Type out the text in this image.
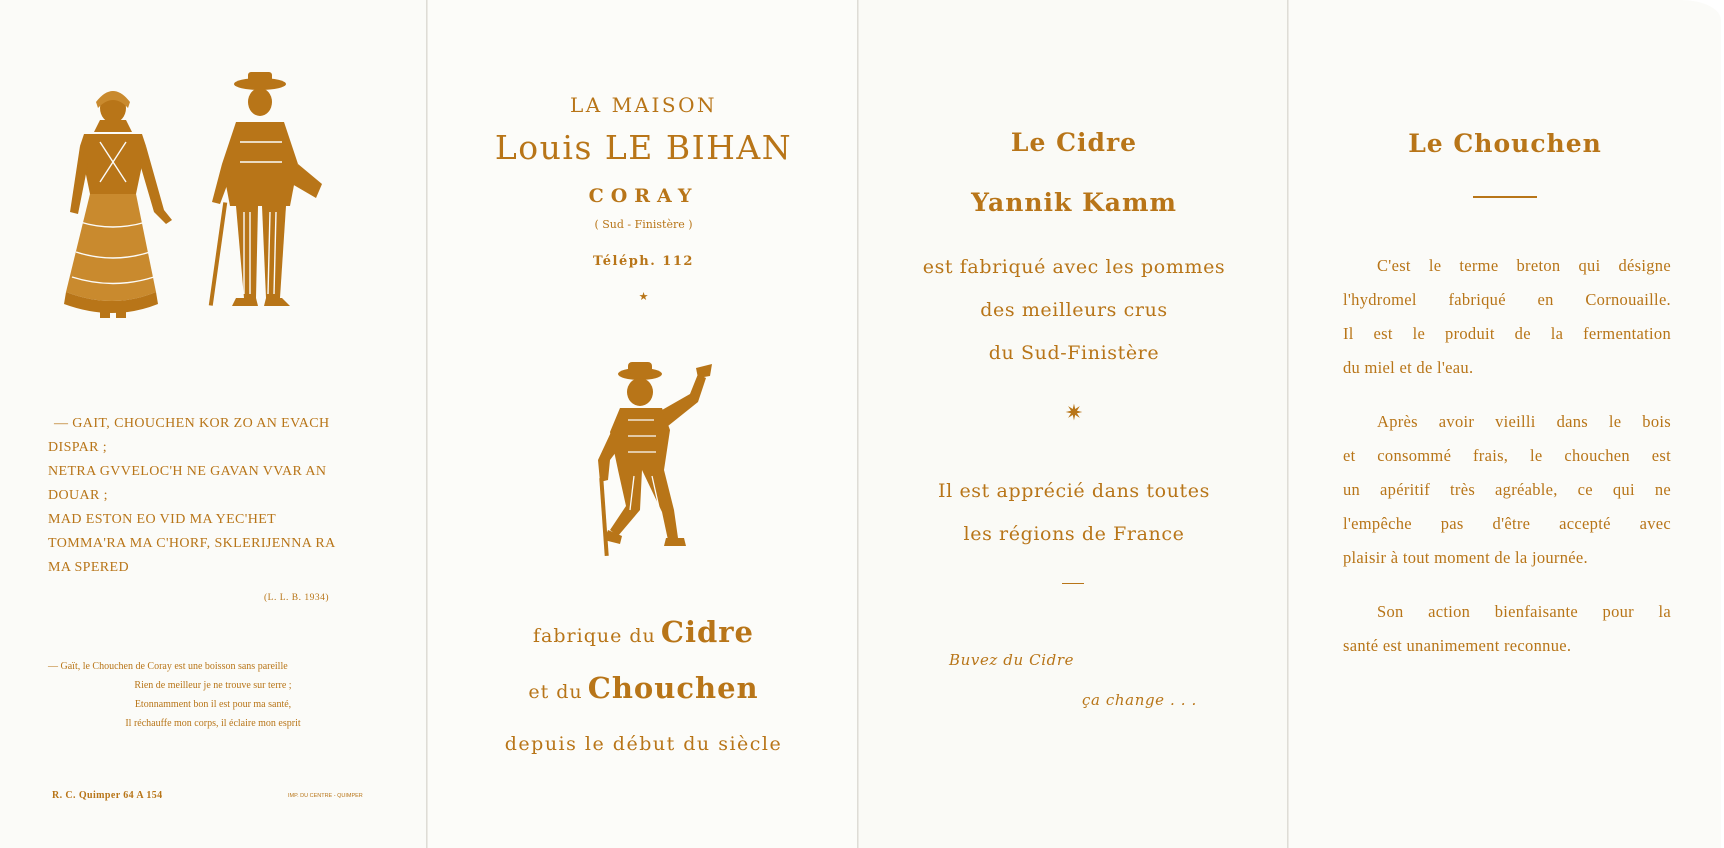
— GAIT, CHOUCHEN KOR ZO AN EVACH
DISPAR ;
NETRA GVVELOC'H NE GAVAN VVAR AN
DOUAR ;
MAD ESTON EO VID MA YEC'HET
TOMMA'RA MA C'HORF, SKLERIJENNA RA
MA SPERED
(L. L. B. 1934)
— Gaït, le Chouchen de Coray est une boisson sans pareille
Rien de meilleur je ne trouve sur terre ;
Etonnamment bon il est pour ma santé,
Il réchauffe mon corps, il éclaire mon esprit
R. C. Quimper 64 A 154	IMP. DU CENTRE - QUIMPER
LA MAISON
Louis LE BIHAN
CORAY
( Sud - Finistère )
Téléph. 112
★
fabrique du Cidre
et du Chouchen
depuis le début du siècle
Le Cidre
Yannik Kamm
est fabriqué avec les pommes
des meilleurs crus
du Sud-Finistère
✷
Il est apprécié dans toutes
les régions de France
Buvez du Cidre
ça change . . .
Le Chouchen
C'est le terme breton qui désigne
l'hydromel fabriqué en Cornouaille.
Il est le produit de la fermentation
du miel et de l'eau.
Après avoir vieilli dans le bois
et consommé frais, le chouchen est
un apéritif très agréable, ce qui ne
l'empêche pas d'être accepté avec
plaisir à tout moment de la journée.
Son action bienfaisante pour la
santé est unanimement reconnue.
